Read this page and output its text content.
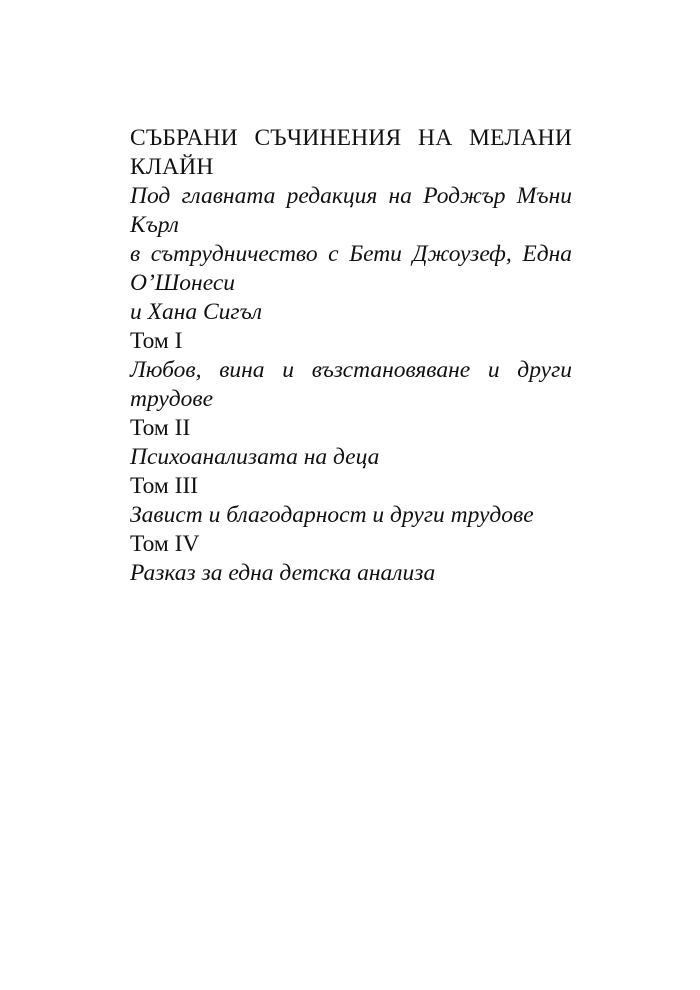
СЪБРАНИ СЪЧИНЕНИЯ НА МЕЛАНИ КЛАЙН

Под главната редакция на Роджър Мъни Кърл

в сътрудничество с Бети Джоузеф, Една О’Шонеси

и Хана Сигъл

Том I

Любов, вина и възстановяване и други трудове

Том II

Психоанализата на деца

Том III

Завист и благодарност и други трудове

Том IV

Разказ за една детска анализа
